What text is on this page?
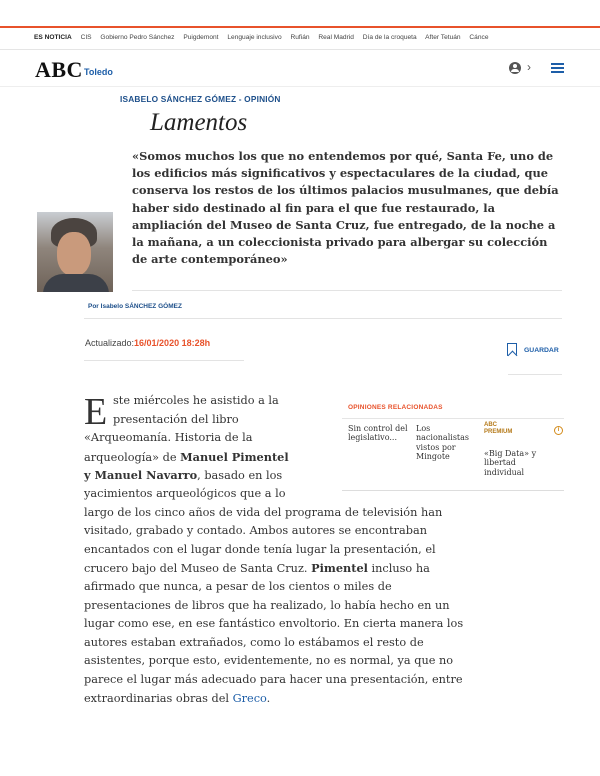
ES NOTICIA CIS Gobierno Pedro Sánchez Puigdemont Lenguaje inclusivo Rufián Real Madrid Día de la croqueta After Tetuán Cánce
ABC Toledo	›
ISABELO SÁNCHEZ GÓMEZ - OPINIÓN
Lamentos
«Somos muchos los que no entendemos por qué, Santa Fe, uno de los edificios más significativos y espectaculares de la ciudad, que conserva los restos de los últimos palacios musulmanes, que debía haber sido destinado al fin para el que fue restaurado, la ampliación del Museo de Santa Cruz, fue entregado, de la noche a la mañana, a un coleccionista privado para albergar su colección de arte contemporáneo»
Por Isabelo SÁNCHEZ GÓMEZ
Actualizado:16/01/2020 18:28h
GUARDAR
E ste miércoles he asistido a la
presentación del libro
«Arqueomanía. Historia de la
arqueología» de Manuel Pimentel
y Manuel Navarro, basado en los
yacimientos arqueológicos que a lo
largo de los cinco años de vida del programa de televisión han
visitado, grabado y contado. Ambos autores se encontraban
encantados con el lugar donde tenía lugar la presentación, el
crucero bajo del Museo de Santa Cruz. Pimentel incluso ha
afirmado que nunca, a pesar de los cientos o miles de
presentaciones de libros que ha realizado, lo había hecho en un
lugar como ese, en ese fantástico envoltorio. En cierta manera los
autores estaban extrañados, como lo estábamos el resto de
asistentes, porque esto, evidentemente, no es normal, ya que no
parece el lugar más adecuado para hacer una presentación, entre
extraordinarias obras del Greco.
OPINIONES RELACIONADAS
Sin control del
legislativo...
Los
nacionalistas
vistos por
Mingote
ABC
PREMIUM	i
«Big Data» y
libertad
individual
